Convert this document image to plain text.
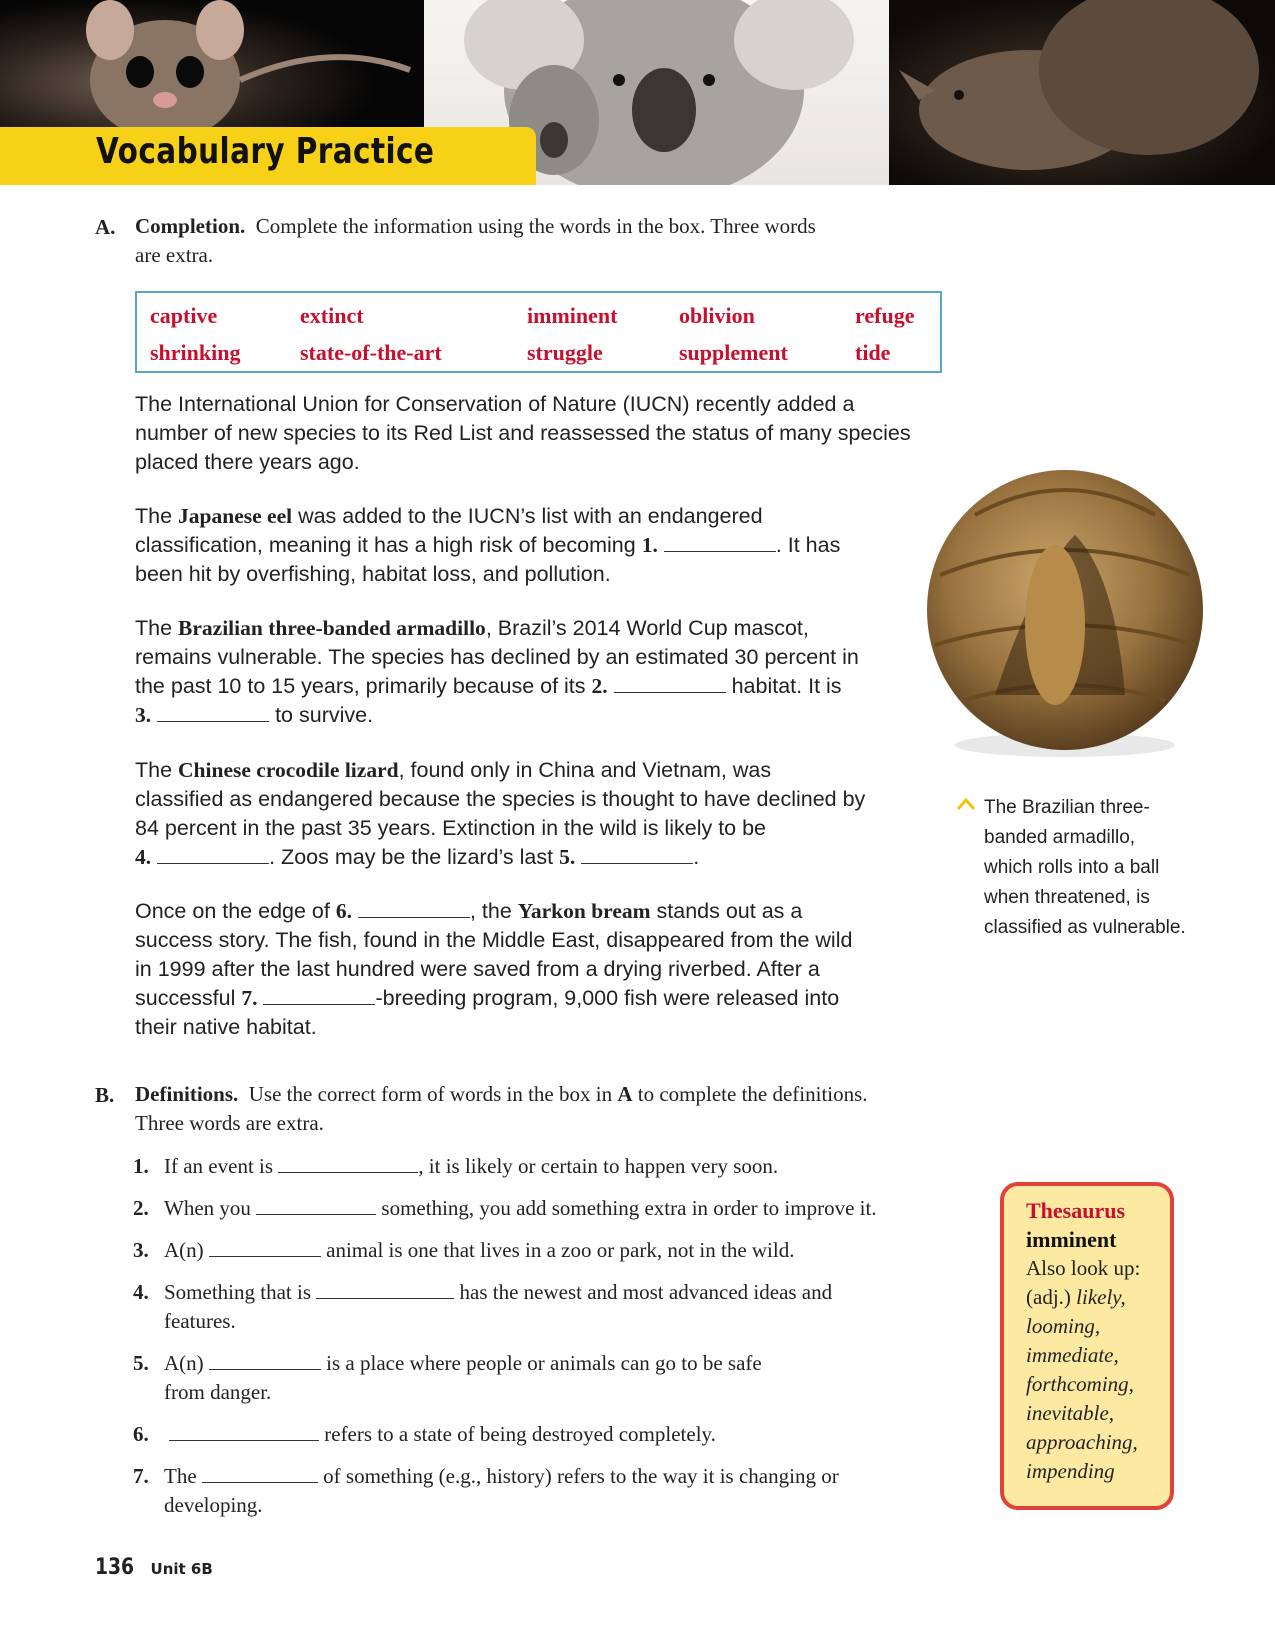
Vocabulary Practice
A. Completion. Complete the information using the words in the box. Three words
are extra.
captive	extinct	imminent	oblivion	refuge
shrinking	state-of-the-art	struggle	supplement	tide
The International Union for Conservation of Nature (IUCN) recently added a
number of new species to its Red List and reassessed the status of many species
placed there years ago.
The Japanese eel was added to the IUCN’s list with an endangered
classification, meaning it has a high risk of becoming 1.	. It has
been hit by overfishing, habitat loss, and pollution.
The Brazilian three-banded armadillo, Brazil’s 2014 World Cup mascot,
remains vulnerable. The species has declined by an estimated 30 percent in
the past 10 to 15 years, primarily because of its 2.	habitat. It is
3.	to survive.
The Chinese crocodile lizard, found only in China and Vietnam, was
classified as endangered because the species is thought to have declined by
84 percent in the past 35 years. Extinction in the wild is likely to be
4.	. Zoos may be the lizard’s last 5.	.
Once on the edge of 6.	, the Yarkon bream stands out as a
success story. The fish, found in the Middle East, disappeared from the wild
in 1999 after the last hundred were saved from a drying riverbed. After a
successful 7.	-breeding program, 9,000 fish were released into
their native habitat.
The Brazilian three-
banded armadillo,
which rolls into a ball
when threatened, is
classified as vulnerable.
B. Definitions. Use the correct form of words in the box in A to complete the definitions.
Three words are extra.
1. If an event is	, it is likely or certain to happen very soon.
2. When you	something, you add something extra in order to improve it.
3. A(n)	animal is one that lives in a zoo or park, not in the wild.
4. Something that is	has the newest and most advanced ideas and
features.
5. A(n)	is a place where people or animals can go to be safe
from danger.
6.	refers to a state of being destroyed completely.
7. The	of something (e.g., history) refers to the way it is changing or
developing.
Thesaurus
imminent
Also look up:
(adj.) likely,
looming,
immediate,
forthcoming,
inevitable,
approaching,
impending
136 Unit 6B
